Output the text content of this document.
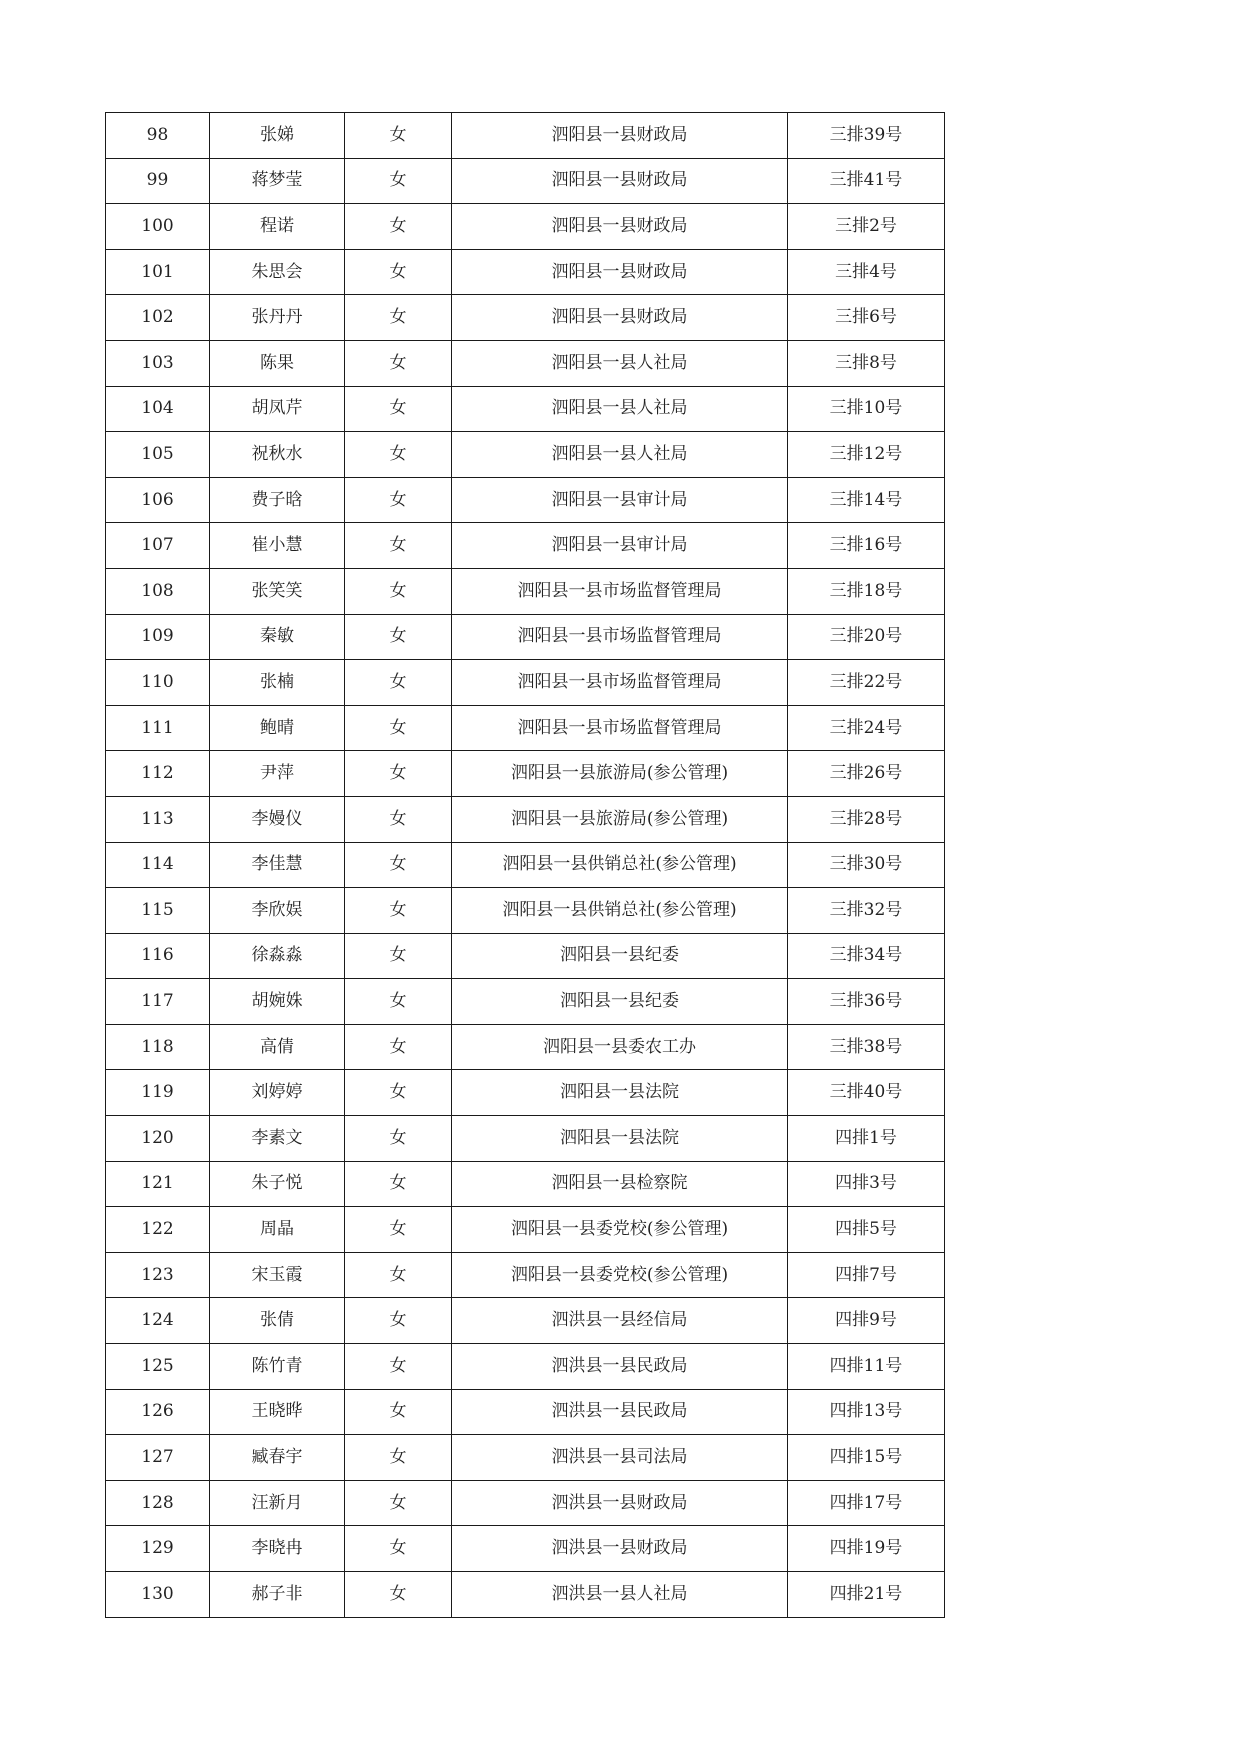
98	张娣	女	泗阳县一县财政局	三排39号
99	蒋梦莹	女	泗阳县一县财政局	三排41号
100	程诺	女	泗阳县一县财政局	三排2号
101	朱思会	女	泗阳县一县财政局	三排4号
102	张丹丹	女	泗阳县一县财政局	三排6号
103	陈果	女	泗阳县一县人社局	三排8号
104	胡凤芹	女	泗阳县一县人社局	三排10号
105	祝秋水	女	泗阳县一县人社局	三排12号
106	费子晗	女	泗阳县一县审计局	三排14号
107	崔小慧	女	泗阳县一县审计局	三排16号
108	张笑笑	女	泗阳县一县市场监督管理局	三排18号
109	秦敏	女	泗阳县一县市场监督管理局	三排20号
110	张楠	女	泗阳县一县市场监督管理局	三排22号
111	鲍晴	女	泗阳县一县市场监督管理局	三排24号
112	尹萍	女	泗阳县一县旅游局(参公管理)	三排26号
113	李嫚仪	女	泗阳县一县旅游局(参公管理)	三排28号
114	李佳慧	女	泗阳县一县供销总社(参公管理)	三排30号
115	李欣娱	女	泗阳县一县供销总社(参公管理)	三排32号
116	徐淼淼	女	泗阳县一县纪委	三排34号
117	胡婉姝	女	泗阳县一县纪委	三排36号
118	高倩	女	泗阳县一县委农工办	三排38号
119	刘婷婷	女	泗阳县一县法院	三排40号
120	李素文	女	泗阳县一县法院	四排1号
121	朱子悦	女	泗阳县一县检察院	四排3号
122	周晶	女	泗阳县一县委党校(参公管理)	四排5号
123	宋玉霞	女	泗阳县一县委党校(参公管理)	四排7号
124	张倩	女	泗洪县一县经信局	四排9号
125	陈竹青	女	泗洪县一县民政局	四排11号
126	王晓晔	女	泗洪县一县民政局	四排13号
127	臧春宇	女	泗洪县一县司法局	四排15号
128	汪新月	女	泗洪县一县财政局	四排17号
129	李晓冉	女	泗洪县一县财政局	四排19号
130	郝子非	女	泗洪县一县人社局	四排21号
